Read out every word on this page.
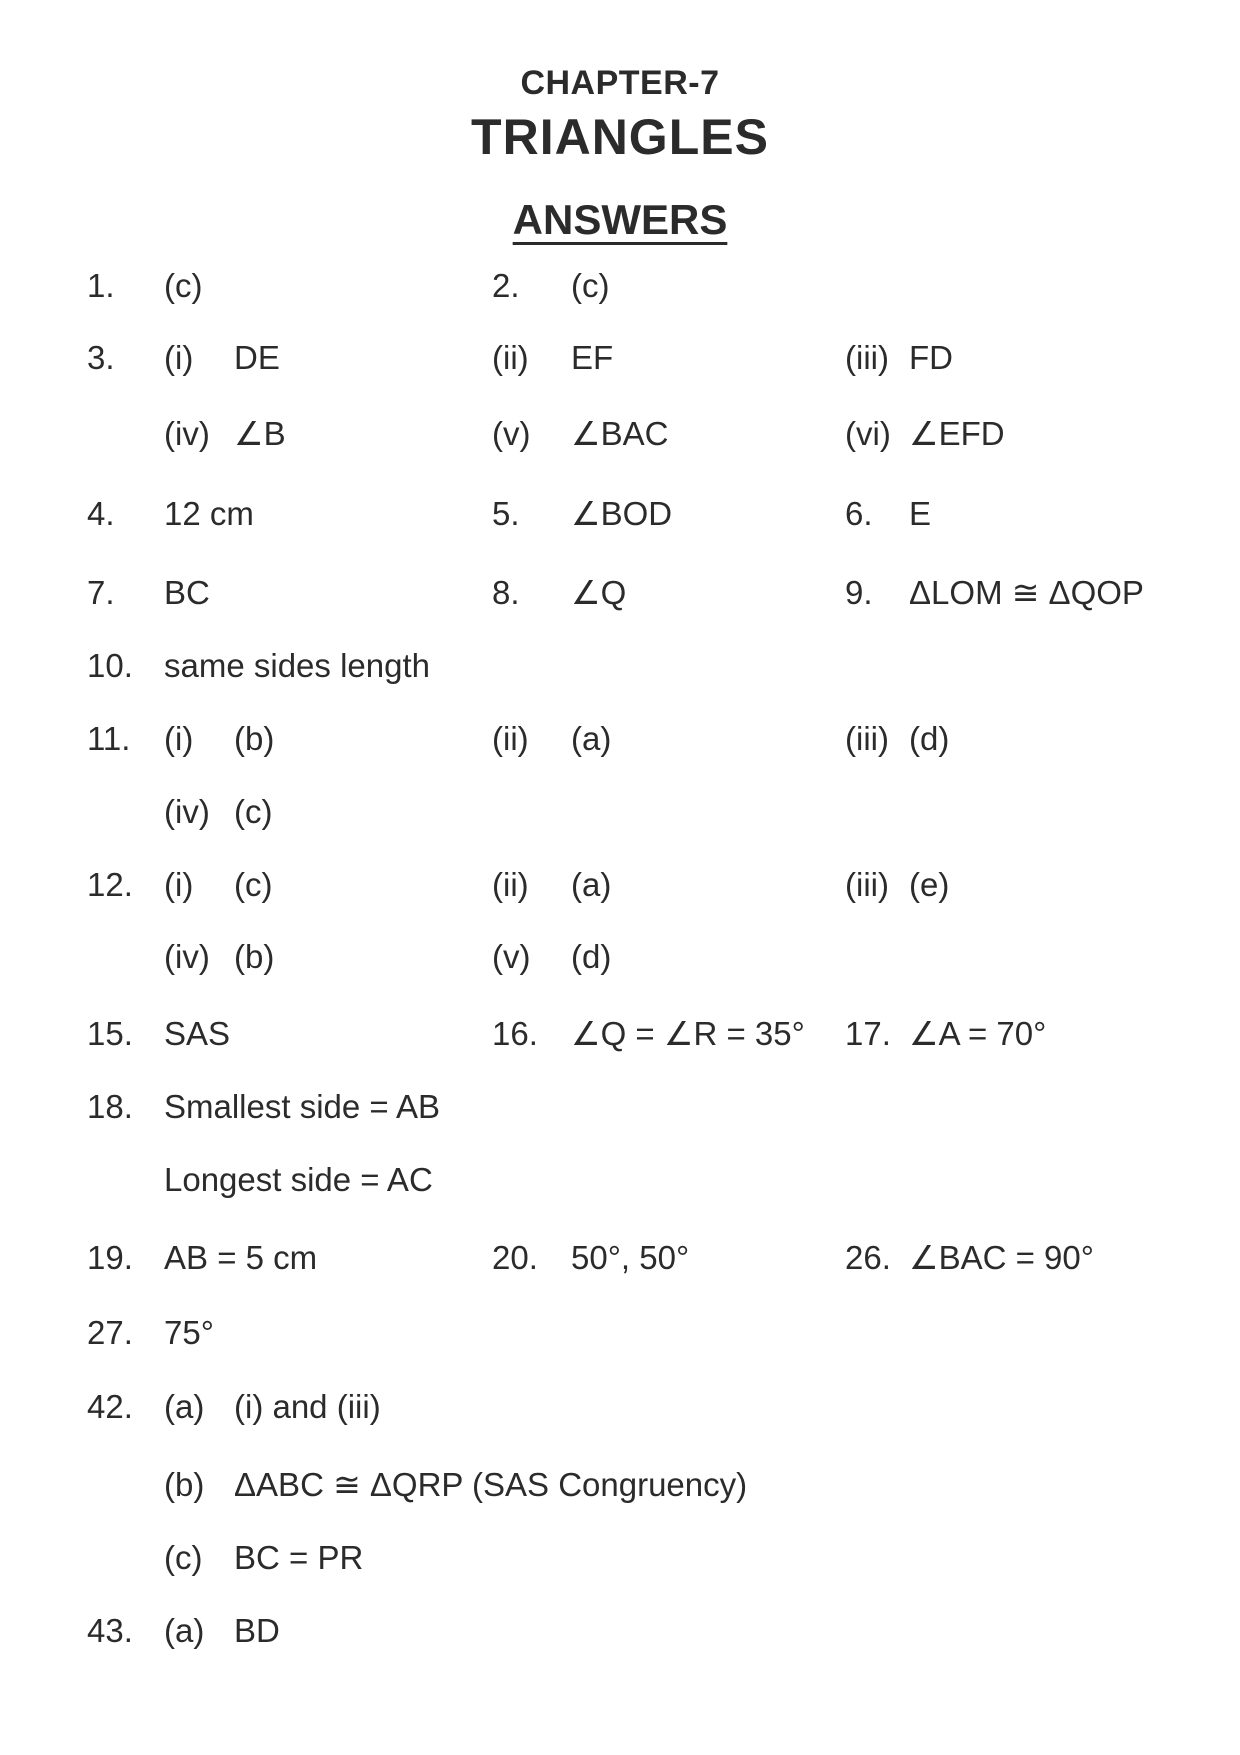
CHAPTER-7
TRIANGLES
ANSWERS
1. (c)	2. (c)
3. (i) DE	(ii) EF	(iii) FD
(iv) ∠B	(v) ∠BAC	(vi) ∠EFD
4. 12 cm	5. ∠BOD	6. E
7. BC	8. ∠Q	9. ΔLOM ≅ ΔQOP
10. same sides length
11. (i) (b)	(ii) (a)	(iii) (d)
(iv) (c)
12. (i) (c)	(ii) (a)	(iii) (e)
(iv) (b)	(v) (d)
15. SAS	16. ∠Q = ∠R = 35° 17. ∠A = 70°
18. Smallest side = AB
Longest side = AC
19. AB = 5 cm	20. 50°, 50°	26. ∠BAC = 90°
27. 75°
42. (a) (i) and (iii)
(b) ΔABC ≅ ΔQRP (SAS Congruency)
(c) BC = PR
43. (a) BD
